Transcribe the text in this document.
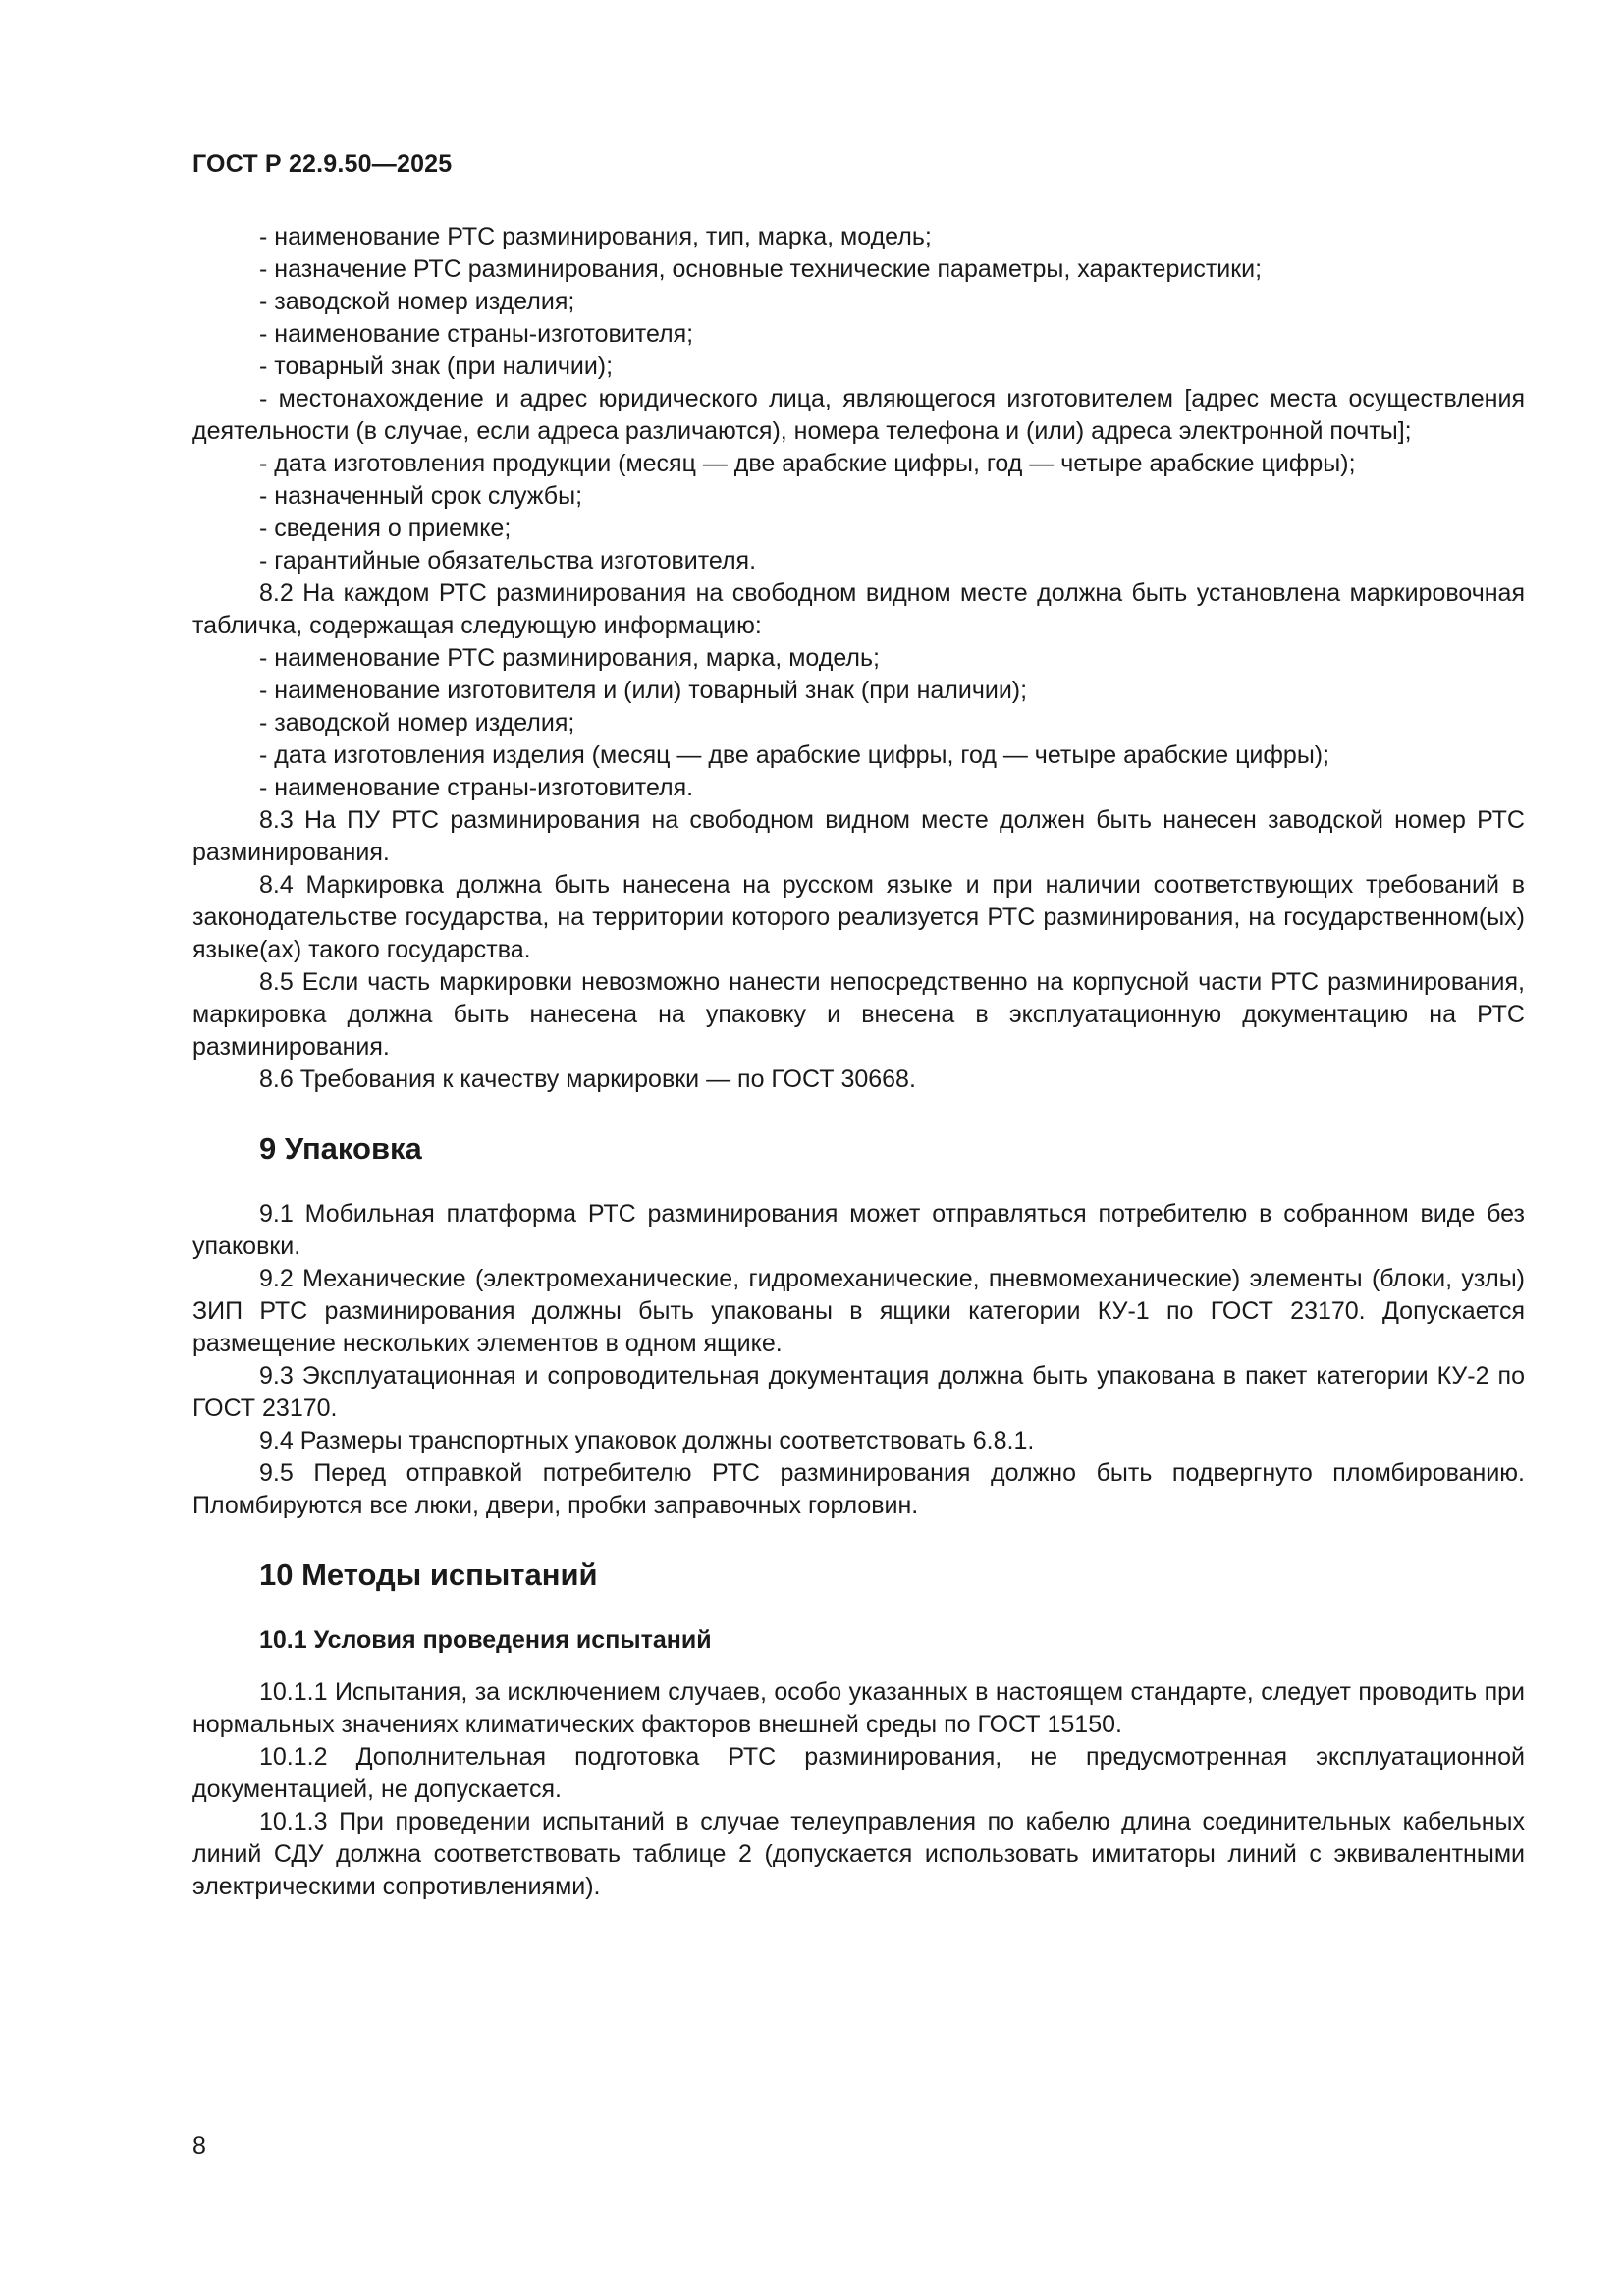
ГОСТ Р 22.9.50—2025

- наименование РТС разминирования, тип, марка, модель;

- назначение РТС разминирования, основные технические параметры, характеристики;

- заводской номер изделия;

- наименование страны-изготовителя;

- товарный знак (при наличии);

- местонахождение и адрес юридического лица, являющегося изготовителем [адрес места осуществления деятельности (в случае, если адреса различаются), номера телефона и (или) адреса электронной почты];

- дата изготовления продукции (месяц — две арабские цифры, год — четыре арабские цифры);

- назначенный срок службы;

- сведения о приемке;

- гарантийные обязательства изготовителя.

8.2 На каждом РТС разминирования на свободном видном месте должна быть установлена маркировочная табличка, содержащая следующую информацию:

- наименование РТС разминирования, марка, модель;

- наименование изготовителя и (или) товарный знак (при наличии);

- заводской номер изделия;

- дата изготовления изделия (месяц — две арабские цифры, год — четыре арабские цифры);

- наименование страны-изготовителя.

8.3 На ПУ РТС разминирования на свободном видном месте должен быть нанесен заводской номер РТС разминирования.

8.4 Маркировка должна быть нанесена на русском языке и при наличии соответствующих требований в законодательстве государства, на территории которого реализуется РТС разминирования, на государственном(ых) языке(ах) такого государства.

8.5 Если часть маркировки невозможно нанести непосредственно на корпусной части РТС разминирования, маркировка должна быть нанесена на упаковку и внесена в эксплуатационную документацию на РТС разминирования.

8.6 Требования к качеству маркировки — по ГОСТ 30668.

9 Упаковка

9.1 Мобильная платформа РТС разминирования может отправляться потребителю в собранном виде без упаковки.

9.2 Механические (электромеханические, гидромеханические, пневмомеханические) элементы (блоки, узлы) ЗИП РТС разминирования должны быть упакованы в ящики категории КУ-1 по ГОСТ 23170. Допускается размещение нескольких элементов в одном ящике.

9.3 Эксплуатационная и сопроводительная документация должна быть упакована в пакет категории КУ-2 по ГОСТ 23170.

9.4 Размеры транспортных упаковок должны соответствовать 6.8.1.

9.5 Перед отправкой потребителю РТС разминирования должно быть подвергнуто пломбированию. Пломбируются все люки, двери, пробки заправочных горловин.

10 Методы испытаний
10.1 Условия проведения испытаний

10.1.1 Испытания, за исключением случаев, особо указанных в настоящем стандарте, следует проводить при нормальных значениях климатических факторов внешней среды по ГОСТ 15150.

10.1.2 Дополнительная подготовка РТС разминирования, не предусмотренная эксплуатационной документацией, не допускается.

10.1.3 При проведении испытаний в случае телеуправления по кабелю длина соединительных кабельных линий СДУ должна соответствовать таблице 2 (допускается использовать имитаторы линий с эквивалентными электрическими сопротивлениями).

8
